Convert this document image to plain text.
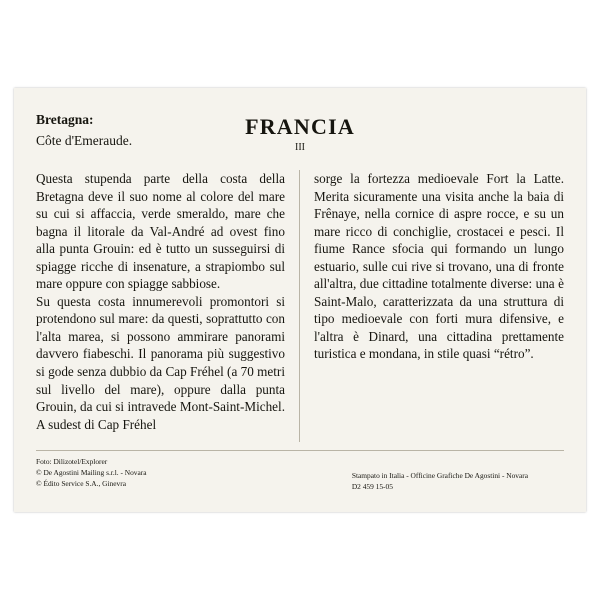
FRANCIA
III
Bretagna:
Côte d'Emeraude.

Questa stupenda parte della costa della Bretagna deve il suo nome al colore del mare su cui si affaccia, verde smeraldo, mare che bagna il litorale da Val-André ad ovest fino alla punta Grouin: ed è tutto un susseguirsi di spiagge ricche di insenature, a strapiombo sul mare oppure con spiagge sabbiose.

Su questa costa innumerevoli promontori si protendono sul mare: da questi, soprattutto con l'alta marea, si possono ammirare panorami davvero fiabeschi. Il panorama più suggestivo si gode senza dubbio da Cap Fréhel (a 70 metri sul livello del mare), oppure dalla punta Grouin, da cui si intravede Mont-Saint-Michel. A sudest di Cap Fréhel

sorge la fortezza medioevale Fort la Latte. Merita sicuramente una visita anche la baia di Frênaye, nella cornice di aspre rocce, e su un mare ricco di conchiglie, crostacei e pesci. Il fiume Rance sfocia qui formando un lungo estuario, sulle cui rive si trovano, una di fronte all'altra, due cittadine totalmente diverse: una è Saint-Malo, caratterizzata da una struttura di tipo medioevale con forti mura difensive, e l'altra è Dinard, una cittadina prettamente turistica e mondana, in stile quasi “rétro”.

Foto: Dilizotel/Explorer
© De Agostini Mailing s.r.l. - Novara
© Édito Service S.A., Ginevra
Stampato in Italia - Officine Grafiche De Agostini - Novara
D2 459 15-05
